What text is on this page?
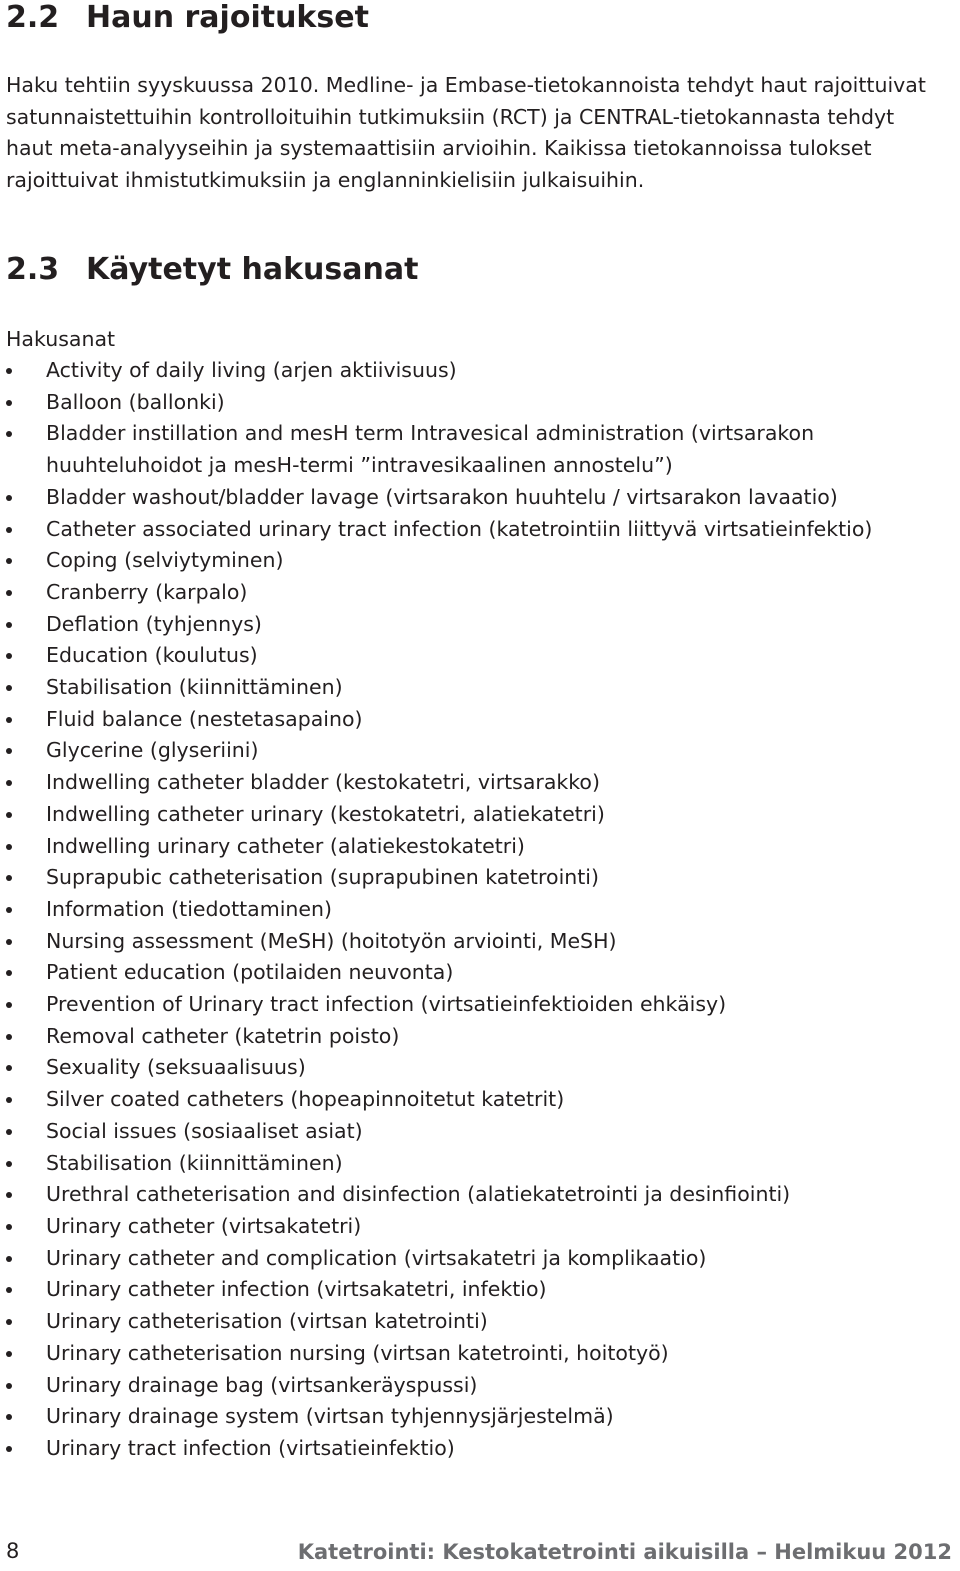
2.2 Haun rajoitukset

Haku tehtiin syyskuussa 2010. Medline- ja Embase-tietokannoista tehdyt haut rajoittuivat satunnaistettuihin kontrolloituihin tutkimuksiin (RCT) ja CENTRAL-tietokannasta tehdyt haut meta-analyyseihin ja systemaattisiin arvioihin. Kaikissa tietokannoissa tulokset rajoittuivat ihmistutkimuksiin ja englanninkielisiin julkaisuihin.

2.3 Käytetyt hakusanat

Hakusanat

Activity of daily living (arjen aktiivisuus)
Balloon (ballonki)
Bladder instillation and mesH term Intravesical administration (virtsarakon huuhteluhoidot ja mesH-termi ”intravesikaalinen annostelu”)
Bladder washout/bladder lavage (virtsarakon huuhtelu / virtsarakon lavaatio)
Catheter associated urinary tract infection (katetrointiin liittyvä virtsatieinfektio)
Coping (selviytyminen)
Cranberry (karpalo)
Deflation (tyhjennys)
Education (koulutus)
Stabilisation (kiinnittäminen)
Fluid balance (nestetasapaino)
Glycerine (glyseriini)
Indwelling catheter bladder (kestokatetri, virtsarakko)
Indwelling catheter urinary (kestokatetri, alatiekatetri)
Indwelling urinary catheter (alatiekestokatetri)
Suprapubic catheterisation (suprapubinen katetrointi)
Information (tiedottaminen)
Nursing assessment (MeSH) (hoitotyön arviointi, MeSH)
Patient education (potilaiden neuvonta)
Prevention of Urinary tract infection (virtsatieinfektioiden ehkäisy)
Removal catheter (katetrin poisto)
Sexuality (seksuaalisuus)
Silver coated catheters (hopeapinnoitetut katetrit)
Social issues (sosiaaliset asiat)
Stabilisation (kiinnittäminen)
Urethral catheterisation and disinfection (alatiekatetrointi ja desinfiointi)
Urinary catheter (virtsakatetri)
Urinary catheter and complication (virtsakatetri ja komplikaatio)
Urinary catheter infection (virtsakatetri, infektio)
Urinary catheterisation (virtsan katetrointi)
Urinary catheterisation nursing (virtsan katetrointi, hoitotyö)
Urinary drainage bag (virtsankeräyspussi)
Urinary drainage system (virtsan tyhjennysjärjestelmä)
Urinary tract infection (virtsatieinfektio)
8	Katetrointi: Kestokatetrointi aikuisilla – Helmikuu 2012
